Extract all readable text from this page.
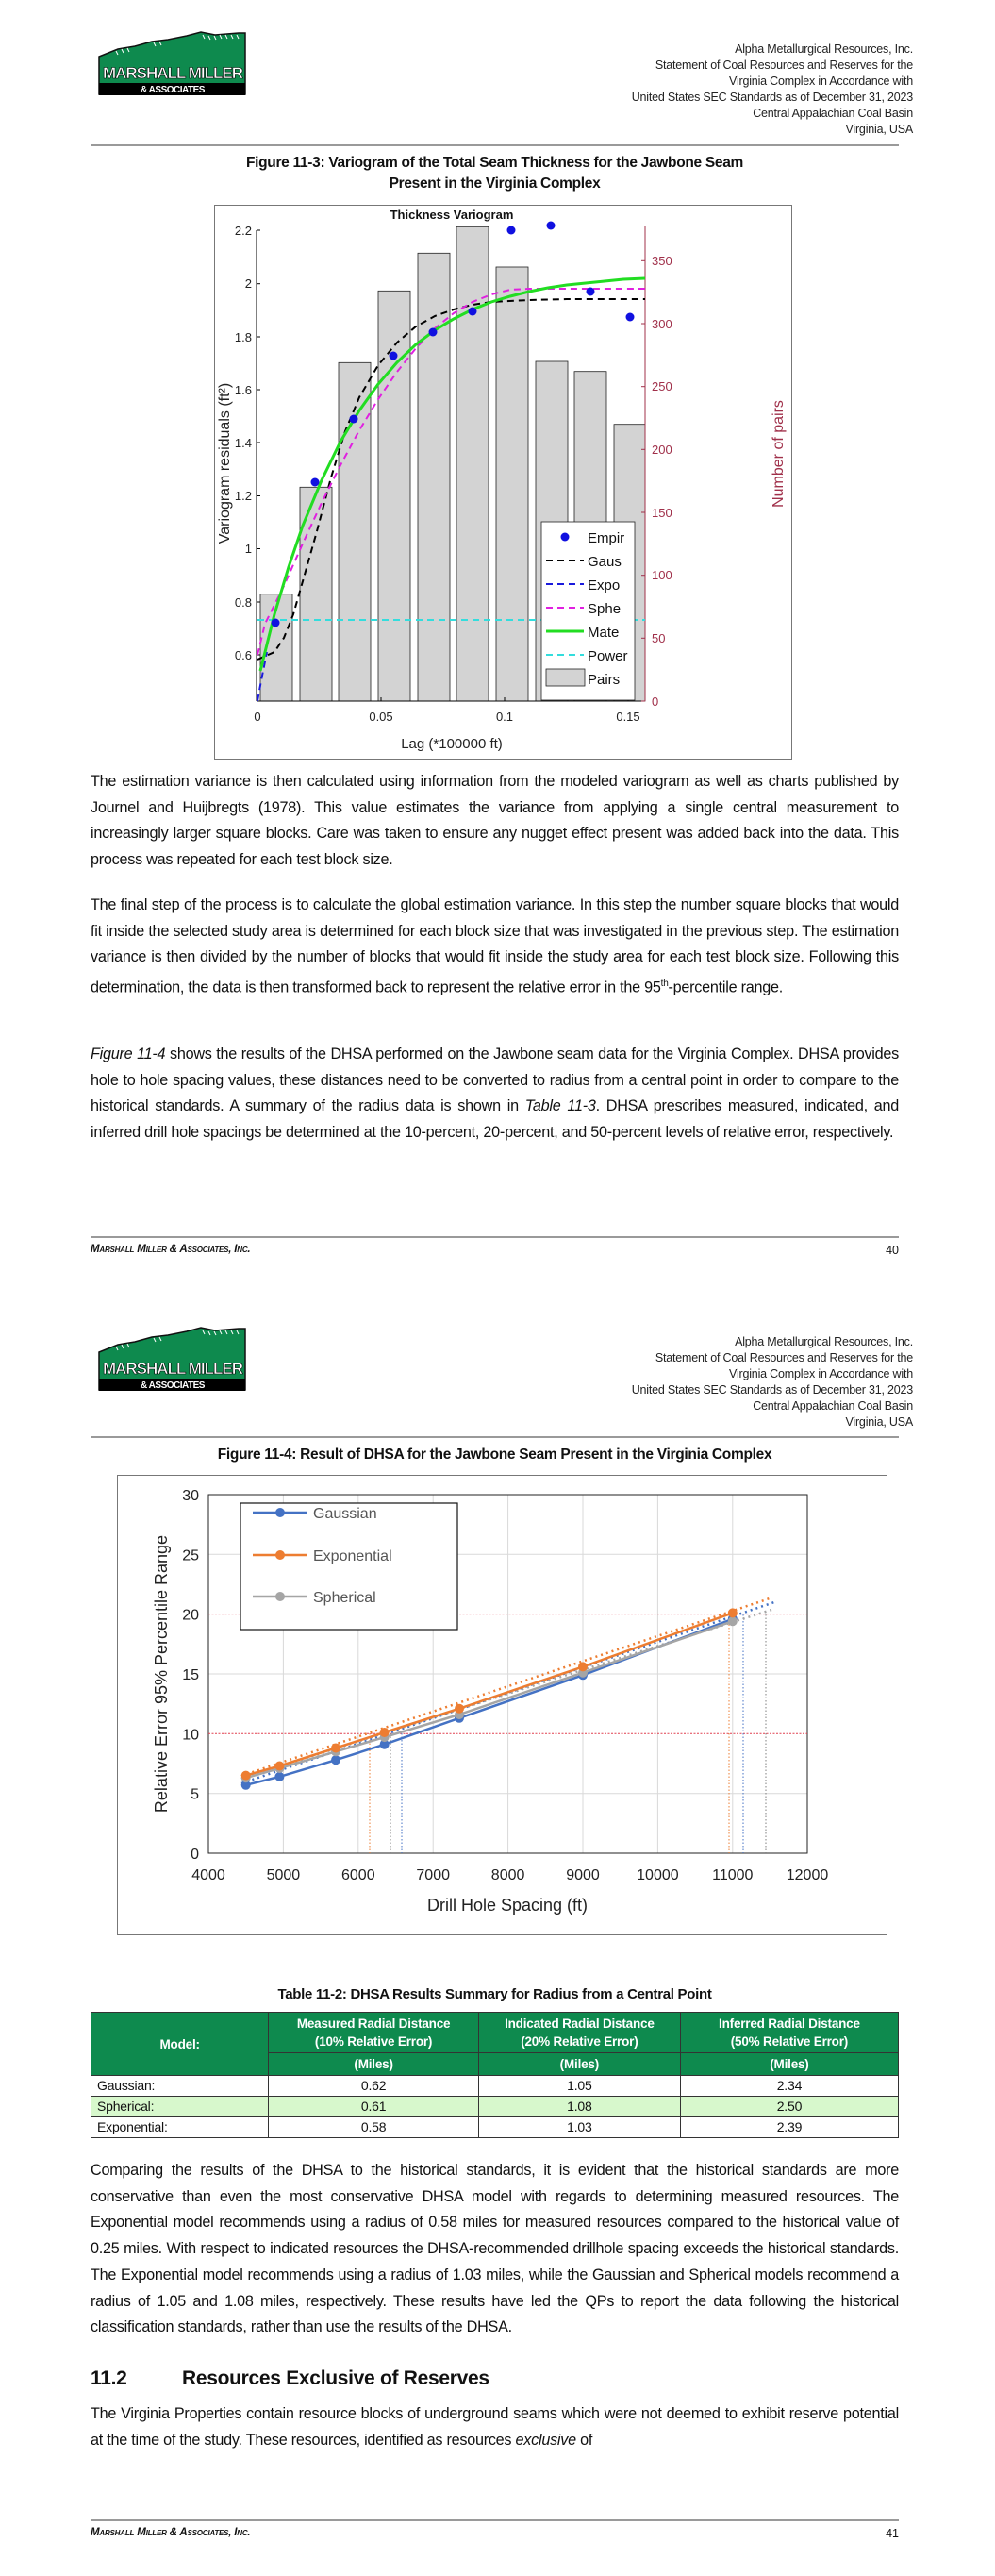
MARSHALL MILLER
& ASSOCIATES
Alpha Metallurgical Resources, Inc.
Statement of Coal Resources and Reserves for the
Virginia Complex in Accordance with
United States SEC Standards as of December 31, 2023
Central Appalachian Coal Basin
Virginia, USA
Figure 11-3: Variogram of the Total Seam Thickness for the Jawbone Seam
Present in the Virginia Complex
2.2
2
1.8
1.6
1.4
1.2
1
0.8
0.6
0
50
100
150
200
250
300
350
0	0.05	0.1	0.15
Thickness Variogram
Lag (*100000 ft)
Variogram residuals (ft²)	Number of pairs
Empir
Gaus
Expo
Sphe
Mate
Power
Pairs

The estimation variance is then calculated using information from the modeled variogram as well as charts published by Journel and Huijbregts (1978). This value estimates the variance from applying a single central measurement to increasingly larger square blocks. Care was taken to ensure any nugget effect present was added back into the data. This process was repeated for each test block size.

The final step of the process is to calculate the global estimation variance. In this step the number square blocks that would fit inside the selected study area is determined for each block size that was investigated in the previous step. The estimation variance is then divided by the number of blocks that would fit inside the study area for each test block size. Following this determination, the data is then transformed back to represent the relative error in the 95th-percentile range.

Figure 11-4 shows the results of the DHSA performed on the Jawbone seam data for the Virginia Complex. DHSA provides hole to hole spacing values, these distances need to be converted to radius from a central point in order to compare to the historical standards. A summary of the radius data is shown in Table 11-3. DHSA prescribes measured, indicated, and inferred drill hole spacings be determined at the 10-percent, 20-percent, and 50-percent levels of relative error, respectively.

Marshall Miller & Associates, Inc.	40
MARSHALL MILLER
& ASSOCIATES
Alpha Metallurgical Resources, Inc.
Statement of Coal Resources and Reserves for the
Virginia Complex in Accordance with
United States SEC Standards as of December 31, 2023
Central Appalachian Coal Basin
Virginia, USA
Figure 11-4: Result of DHSA for the Jawbone Seam Present in the Virginia Complex
0
5
10
15
20
25
30
4000	5000	6000	7000	8000	9000 10000 11000 12000
Drill Hole Spacing (ft)
Relative Error 95% Percentile Range
Gaussian
Exponential
Spherical
Table 11-2: DHSA Results Summary for Radius from a Central Point
Model:	
Measured Radial Distance
(10% Relative Error)

Indicated Radial Distance
(20% Relative Error)

Inferred Radial Distance
(50% Relative Error)

	(Miles)	(Miles)	(Miles)
Gaussian:	0.62	1.05	2.34
Spherical:	0.61	1.08	2.50
Exponential:	0.58	1.03	2.39

Comparing the results of the DHSA to the historical standards, it is evident that the historical standards are more conservative than even the most conservative DHSA model with regards to determining measured resources. The Exponential model recommends using a radius of 0.58 miles for measured resources compared to the historical value of 0.25 miles. With respect to indicated resources the DHSA-recommended drillhole spacing exceeds the historical standards. The Exponential model recommends using a radius of 1.03 miles, while the Gaussian and Spherical models recommend a radius of 1.05 and 1.08 miles, respectively. These results have led the QPs to report the data following the historical classification standards, rather than use the results of the DHSA.

11.2	Resources Exclusive of Reserves

The Virginia Properties contain resource blocks of underground seams which were not deemed to exhibit reserve potential at the time of the study. These resources, identified as resources exclusive of

Marshall Miller & Associates, Inc.	41
